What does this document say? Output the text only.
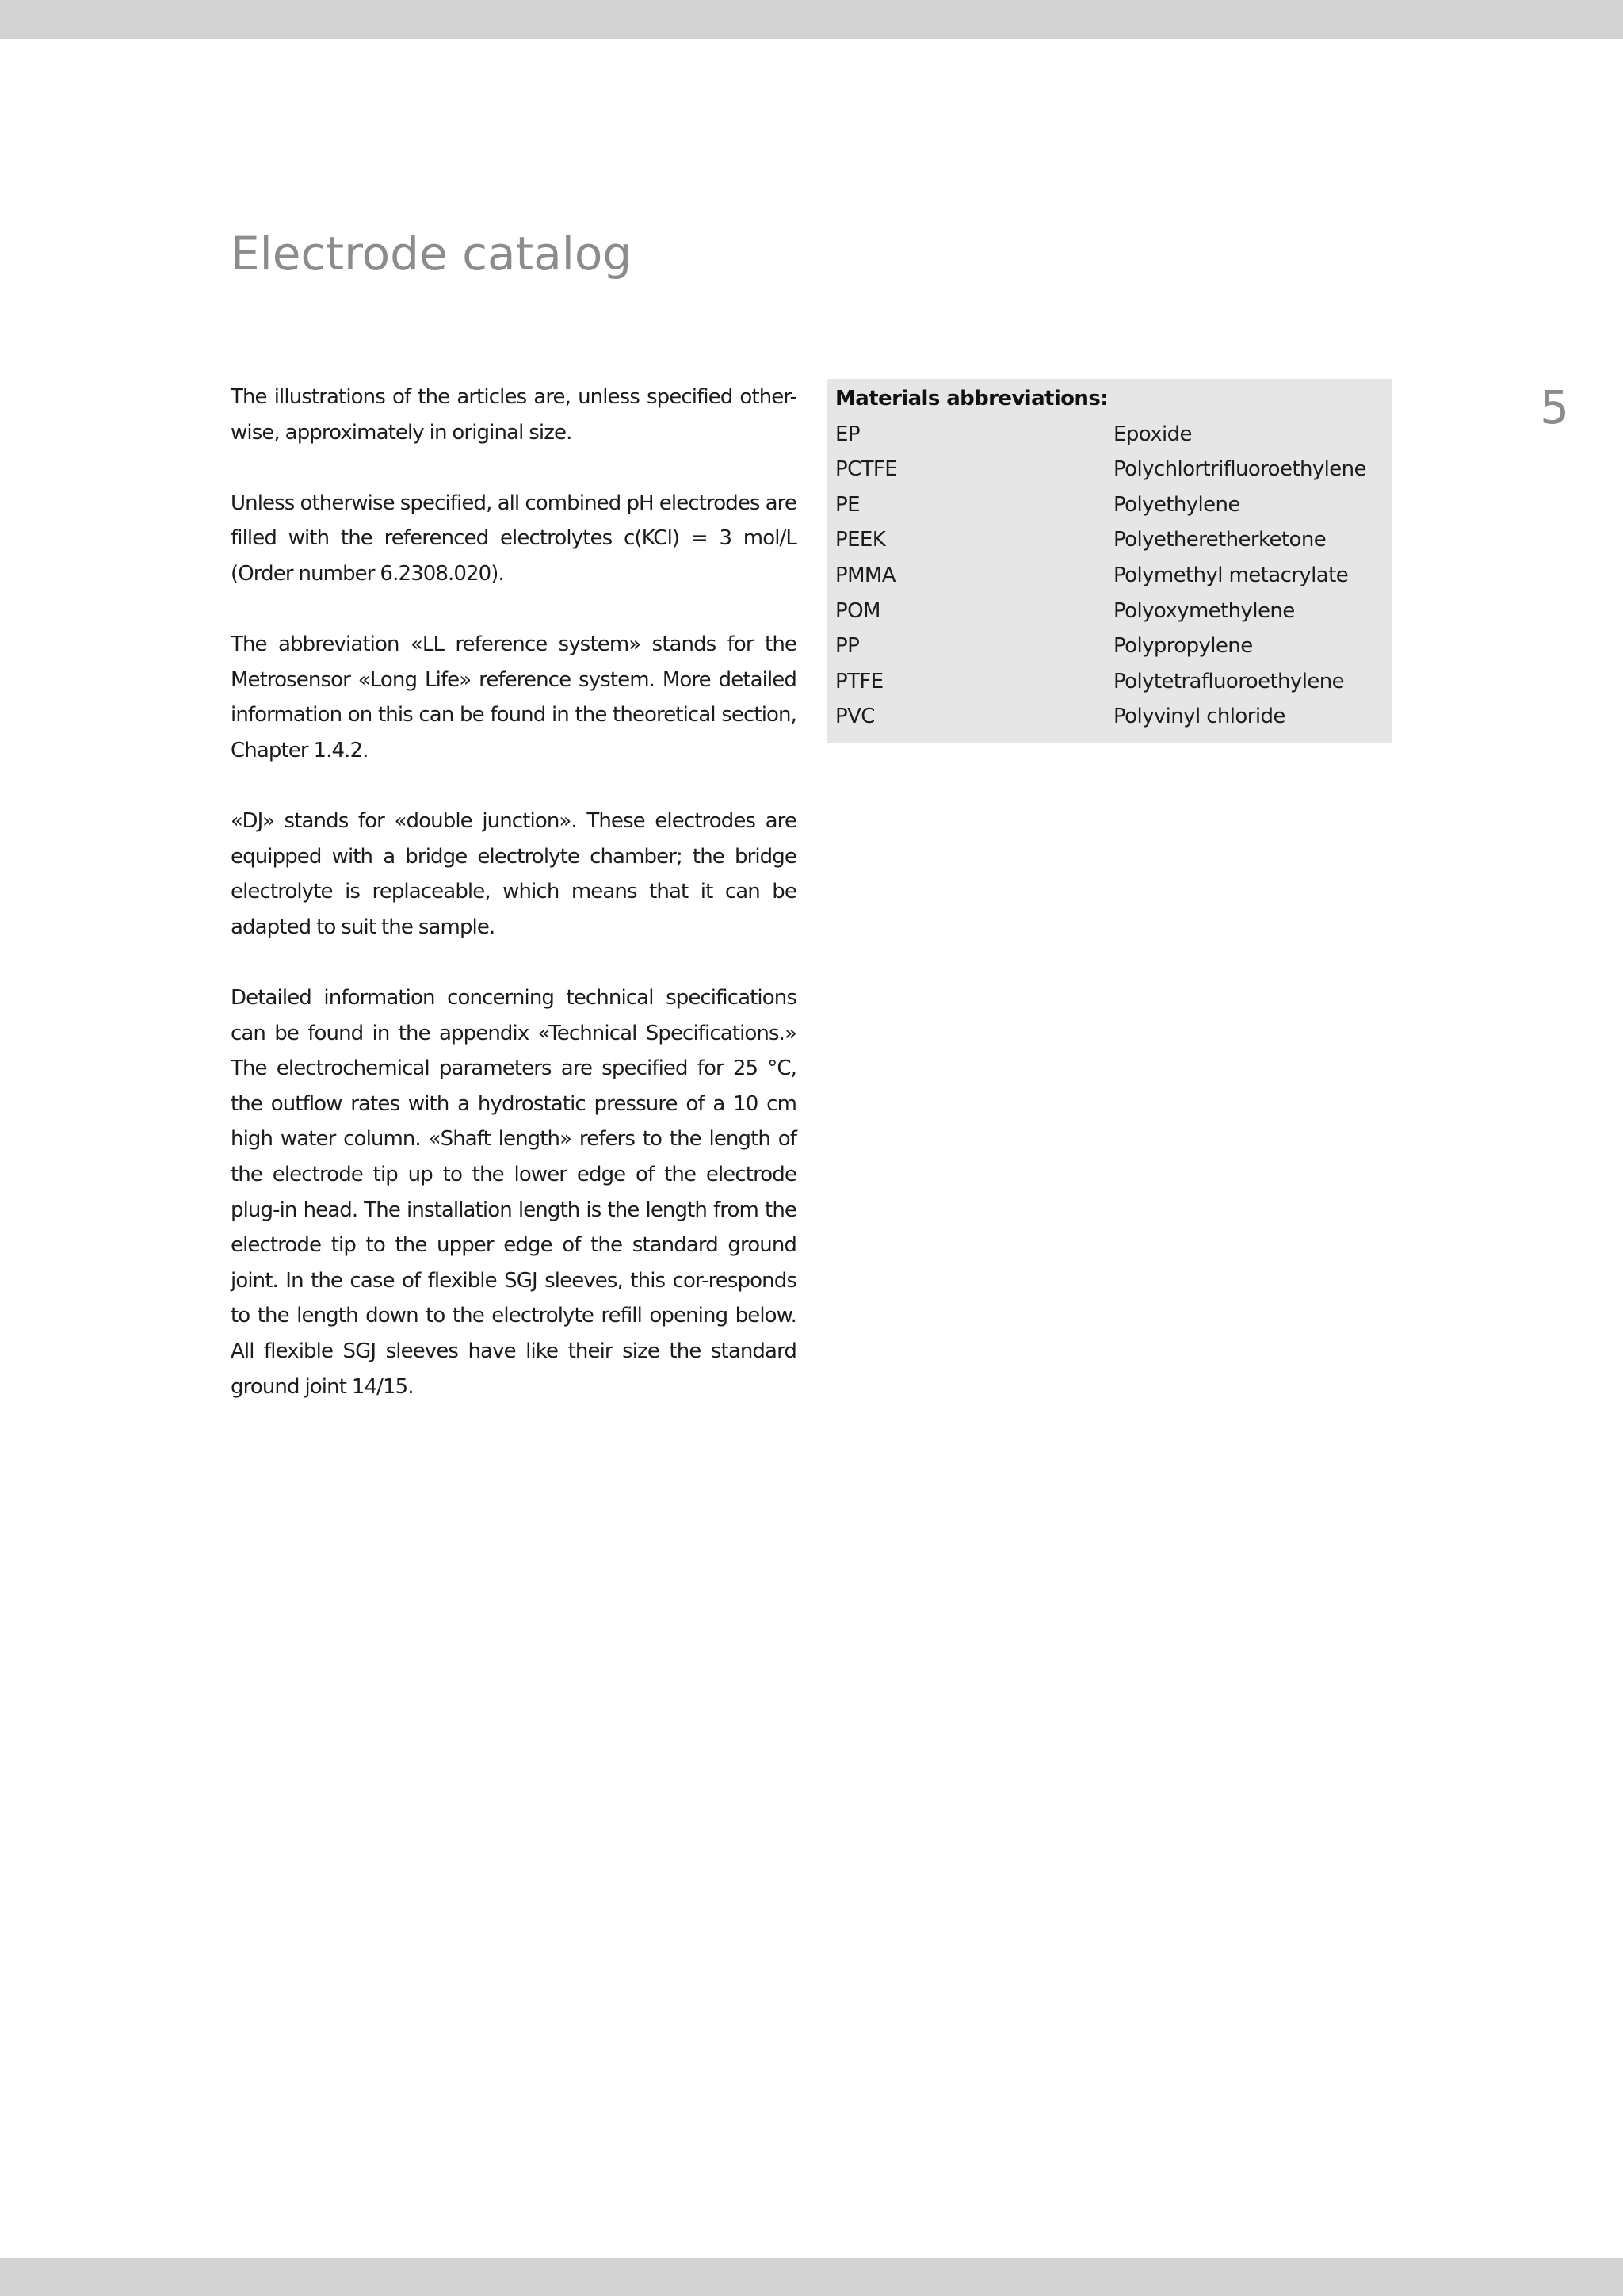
Electrode catalog
5

The illustrations of the articles are, unless specified other-wise, approximately in original size.

Unless otherwise specified, all combined pH electrodes are filled with the referenced electrolytes c(KCl) = 3 mol/L (Order number 6.2308.020).

The abbreviation «LL reference system» stands for the Metrosensor «Long Life» reference system. More detailed information on this can be found in the theoretical section, Chapter 1.4.2.

«DJ» stands for «double junction». These electrodes are equipped with a bridge electrolyte chamber; the bridge electrolyte is replaceable, which means that it can be adapted to suit the sample.

Detailed information concerning technical specifications can be found in the appendix «Technical Specifications.» The electrochemical parameters are specified for 25 °C, the outflow rates with a hydrostatic pressure of a 10 cm high water column. «Shaft length» refers to the length of the electrode tip up to the lower edge of the electrode plug-in head. The installation length is the length from the electrode tip to the upper edge of the standard ground joint. In the case of flexible SGJ sleeves, this cor-responds to the length down to the electrolyte refill opening below. All flexible SGJ sleeves have like their size the standard ground joint 14/15.

Materials abbreviations:
EP	Epoxide
PCTFE	Polychlortrifluoroethylene
PE	Polyethylene
PEEK	Polyetheretherketone
PMMA	Polymethyl metacrylate
POM	Polyoxymethylene
PP	Polypropylene
PTFE	Polytetrafluoroethylene
PVC	Polyvinyl chloride
